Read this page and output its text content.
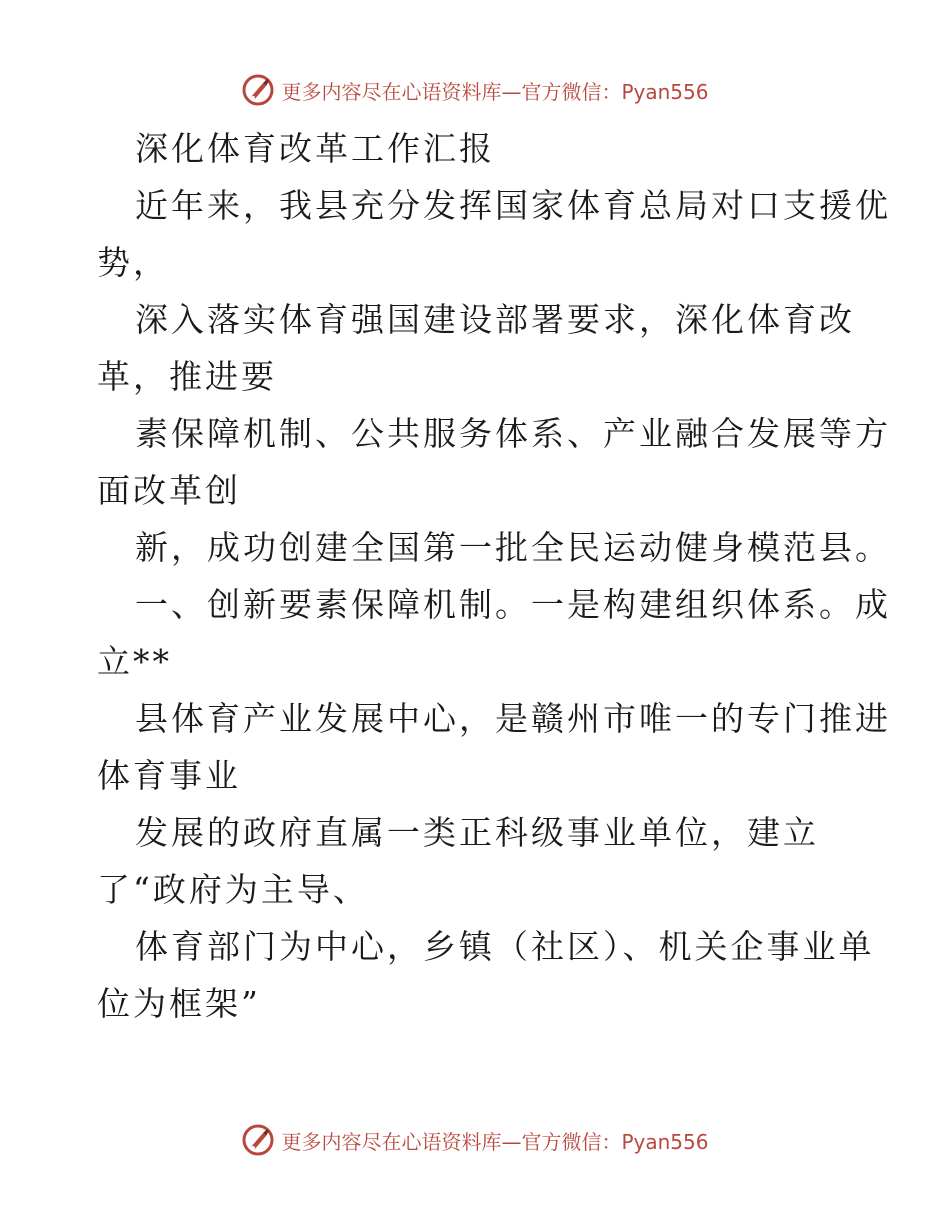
更多内容尽在心语资料库—官方微信：Pyan556
深化体育改革工作汇报
近年来，我县充分发挥国家体育总局对口支援优
势，
深入落实体育强国建设部署要求，深化体育改
革，推进要
素保障机制、公共服务体系、产业融合发展等方
面改革创
新，成功创建全国第一批全民运动健身模范县。
一、创新要素保障机制。一是构建组织体系。成
立**
县体育产业发展中心，是赣州市唯一的专门推进
体育事业
发展的政府直属一类正科级事业单位，建立
了“政府为主导、
体育部门为中心，乡镇（社区）、机关企事业单
位为框架”
更多内容尽在心语资料库—官方微信：Pyan556
